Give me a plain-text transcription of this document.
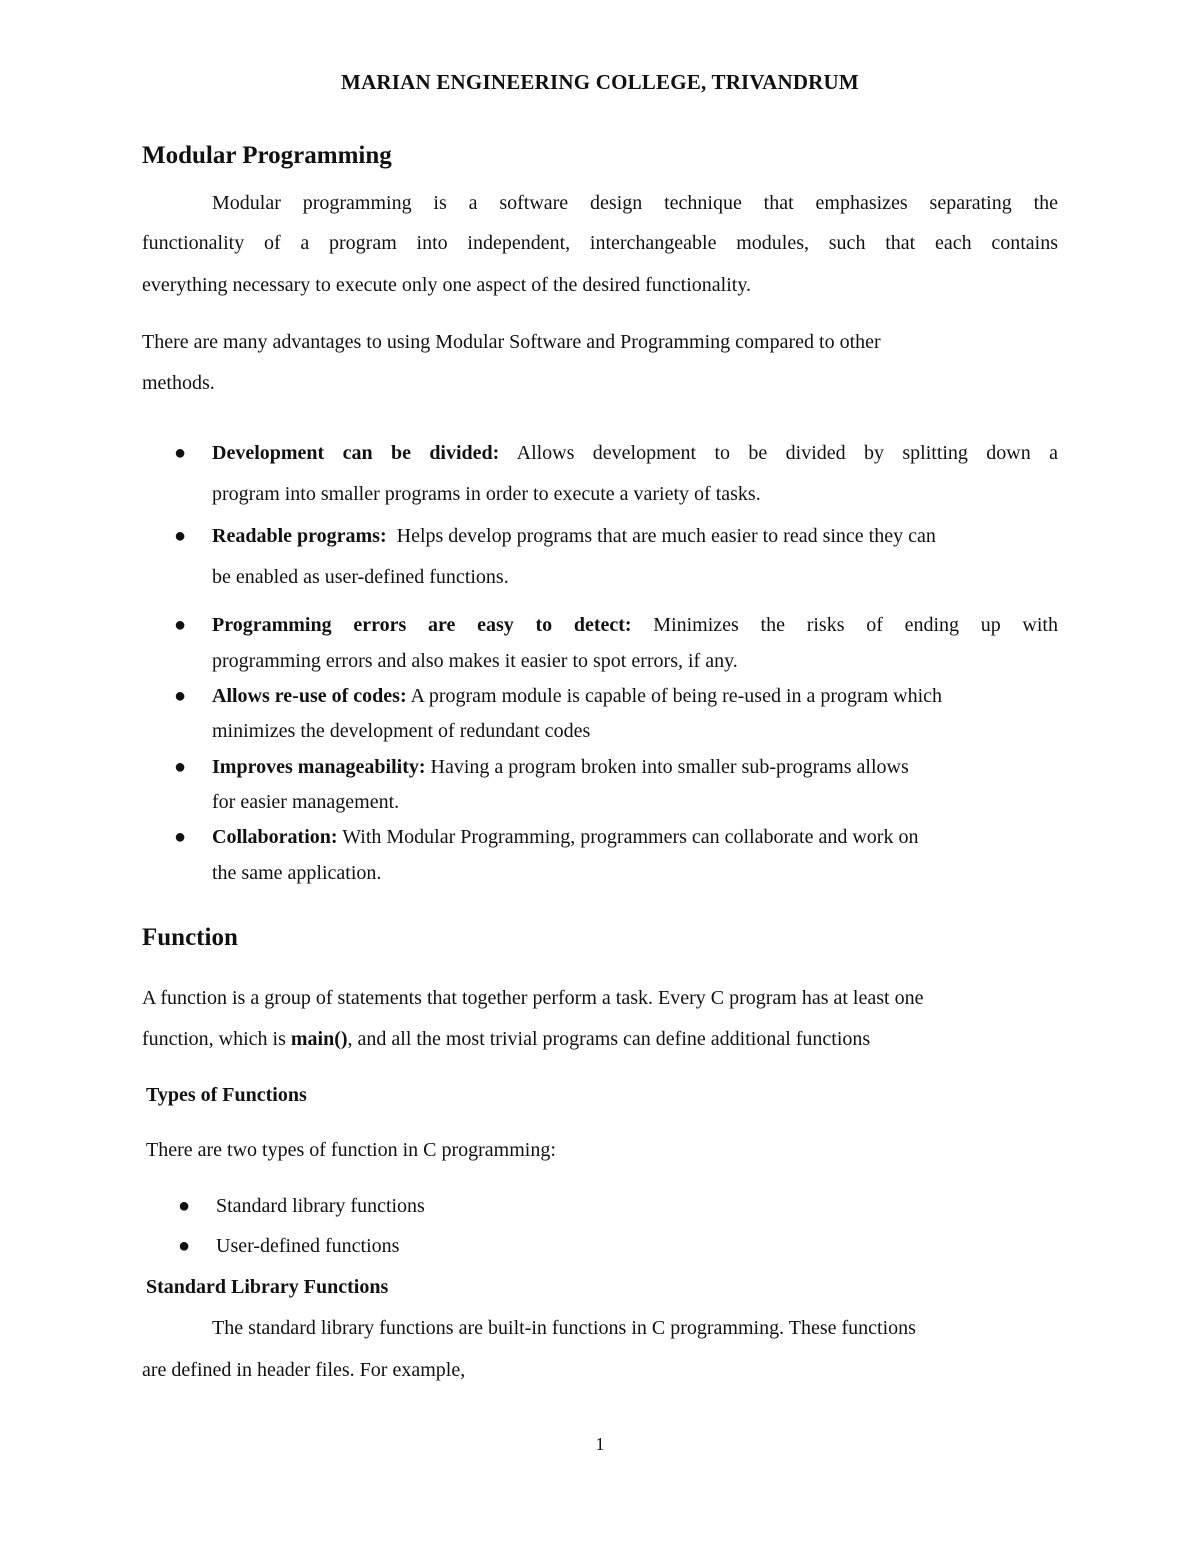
MARIAN ENGINEERING COLLEGE, TRIVANDRUM

Modular Programming

Modular programming is a software design technique that emphasizes separating the

functionality of a program into independent, interchangeable modules, such that each contains

everything necessary to execute only one aspect of the desired functionality.

There are many advantages to using Modular Software and Programming compared to other

methods.

● Development can be divided: Allows development to be divided by splitting down a

program into smaller programs in order to execute a variety of tasks.

● Readable programs: Helps develop programs that are much easier to read since they can

be enabled as user-defined functions.

● Programming errors are easy to detect: Minimizes the risks of ending up with

programming errors and also makes it easier to spot errors, if any.

● Allows re-use of codes: A program module is capable of being re-used in a program which

minimizes the development of redundant codes

● Improves manageability: Having a program broken into smaller sub-programs allows

for easier management.

● Collaboration: With Modular Programming, programmers can collaborate and work on

the same application.

Function

A function is a group of statements that together perform a task. Every C program has at least one

function, which is main(), and all the most trivial programs can define additional functions

Types of Functions

There are two types of function in C programming:

● Standard library functions

● User-defined functions

Standard Library Functions

The standard library functions are built-in functions in C programming. These functions

are defined in header files. For example,

1
